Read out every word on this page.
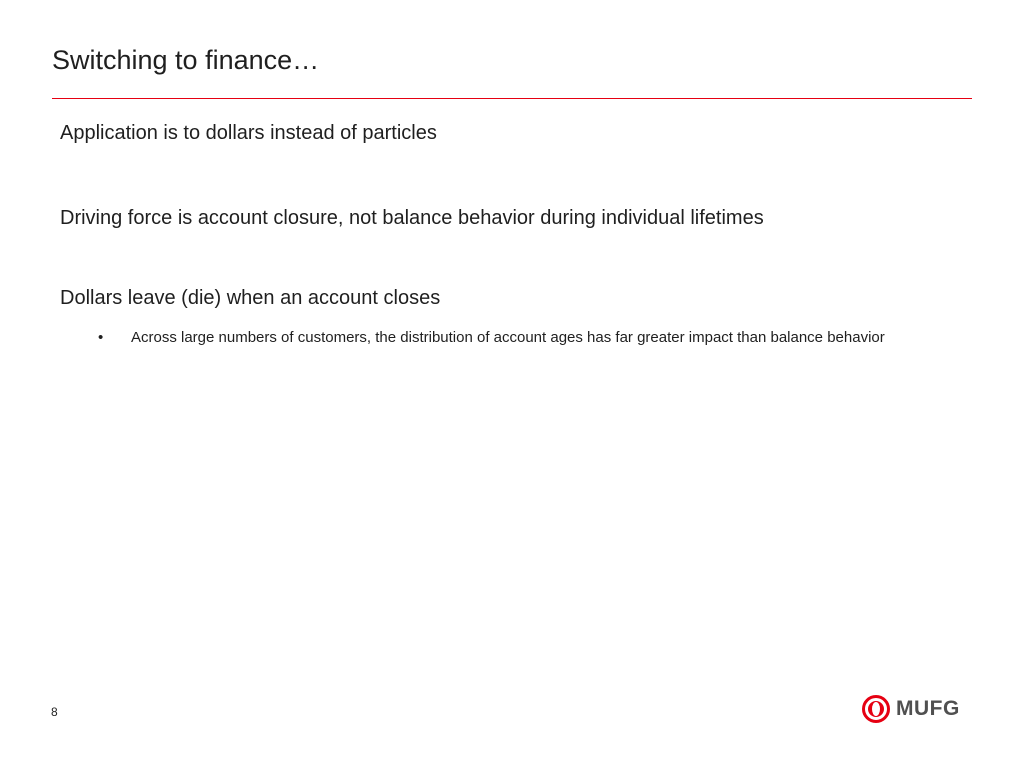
Switching to finance…
Application is to dollars instead of particles
Driving force is account closure, not balance behavior during individual lifetimes
Dollars leave (die) when an account closes
• Across large numbers of customers, the distribution of account ages has far greater impact than balance behavior
8	MUFG
